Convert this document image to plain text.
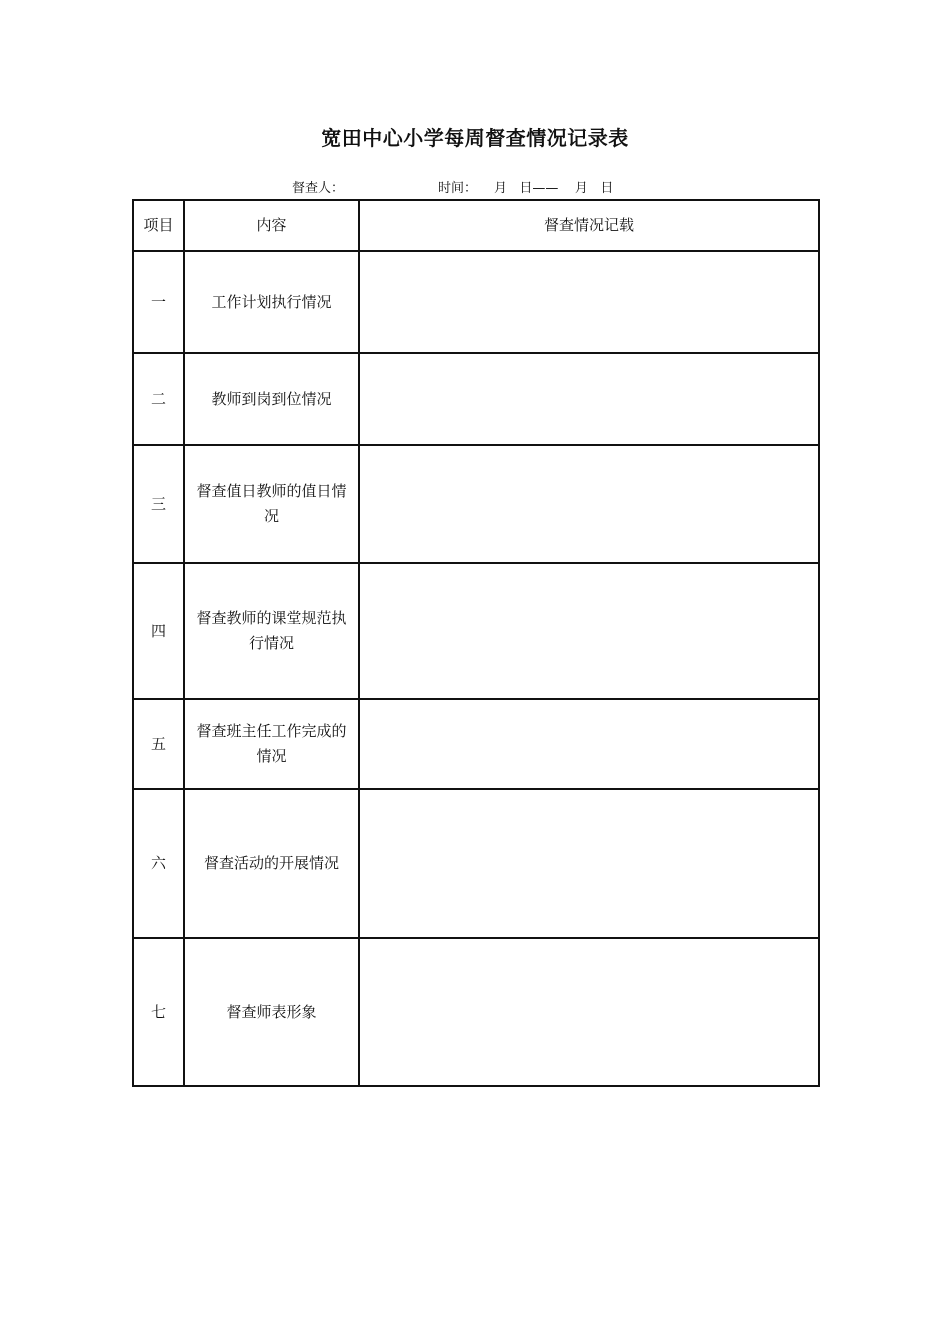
宽田中心小学每周督查情况记录表
督查人：	时间： 月   日——    月   日
项目	内容	督查情况记载
一	工作计划执行情况	
二	教师到岗到位情况	
三	督查值日教师的值日情况	
四	督查教师的课堂规范执行情况	
五	督查班主任工作完成的情况	
六	督查活动的开展情况	
七	督查师表形象	
